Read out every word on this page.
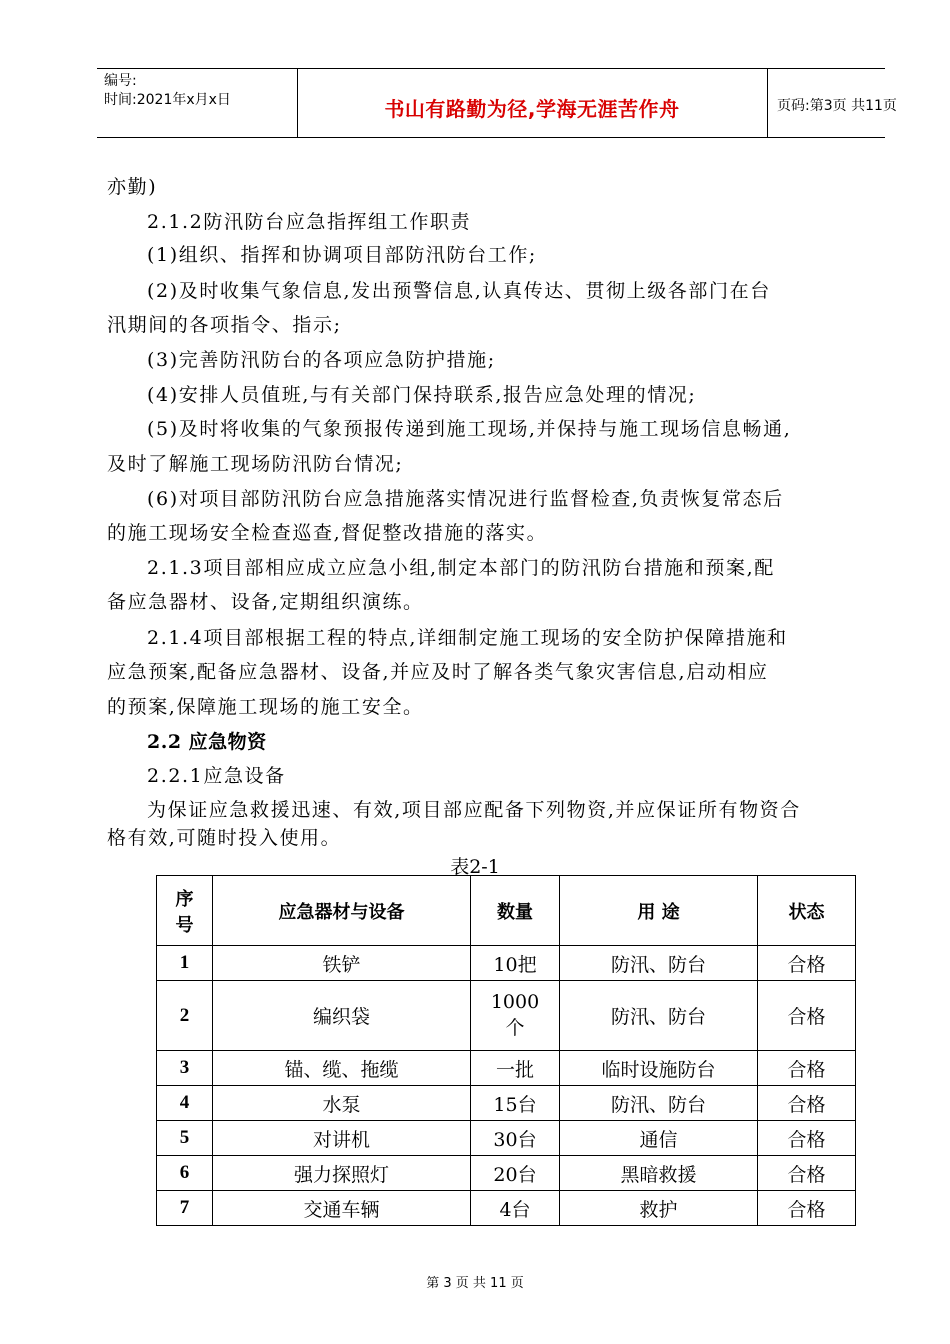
编号:
时间:2021年x月x日	书山有路勤为径,学海无涯苦作舟	页码:第3页 共11页
亦勤)
2.1.2防汛防台应急指挥组工作职责
(1)组织、指挥和协调项目部防汛防台工作;
(2)及时收集气象信息,发出预警信息,认真传达、贯彻上级各部门在台
汛期间的各项指令、指示;
(3)完善防汛防台的各项应急防护措施;
(4)安排人员值班,与有关部门保持联系,报告应急处理的情况;
(5)及时将收集的气象预报传递到施工现场,并保持与施工现场信息畅通,
及时了解施工现场防汛防台情况;
(6)对项目部防汛防台应急措施落实情况进行监督检查,负责恢复常态后
的施工现场安全检查巡查,督促整改措施的落实。
2.1.3项目部相应成立应急小组,制定本部门的防汛防台措施和预案,配
备应急器材、设备,定期组织演练。
2.1.4项目部根据工程的特点,详细制定施工现场的安全防护保障措施和
应急预案,配备应急器材、设备,并应及时了解各类气象灾害信息,启动相应
的预案,保障施工现场的施工安全。
2.2 应急物资
2.2.1应急设备
为保证应急救援迅速、有效,项目部应配备下列物资,并应保证所有物资合
格有效,可随时投入使用。
表2-1
序
号	应急器材与设备	数量	用 途	状态
1	铁铲	10把	防汛、防台	合格
2	编织袋	1000
个	防汛、防台	合格
3	锚、缆、拖缆	一批	临时设施防台	合格
4	水泵	15台	防汛、防台	合格
5	对讲机	30台	通信	合格
6	强力探照灯	20台	黑暗救援	合格
7	交通车辆	4台	救护	合格
第 3 页 共 11 页
